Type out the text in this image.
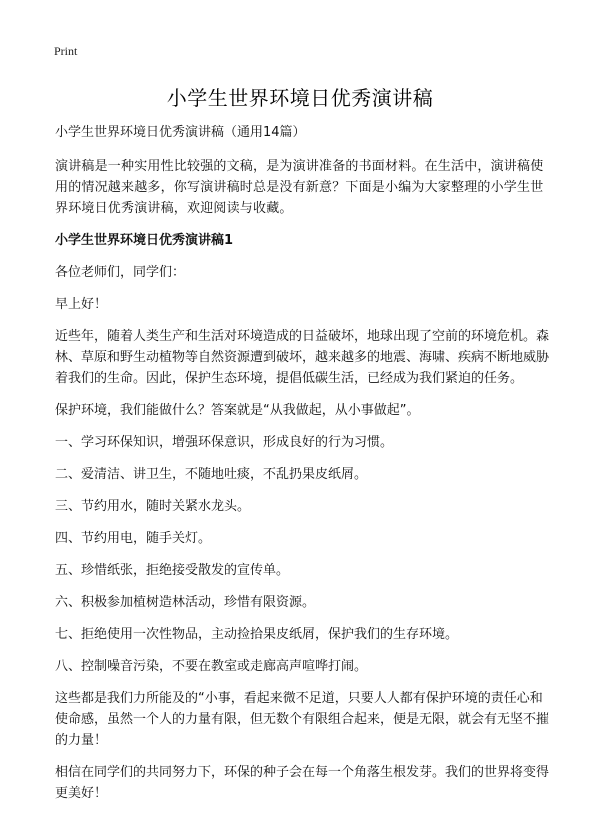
Print
小学生世界环境日优秀演讲稿

小学生世界环境日优秀演讲稿（通用14篇）

演讲稿是一种实用性比较强的文稿，是为演讲准备的书面材料。在生活中，演讲稿使用的情况越来越多，你写演讲稿时总是没有新意？下面是小编为大家整理的小学生世界环境日优秀演讲稿，欢迎阅读与收藏。

小学生世界环境日优秀演讲稿1

各位老师们，同学们：

早上好！

近些年，随着人类生产和生活对环境造成的日益破坏，地球出现了空前的环境危机。森林、草原和野生动植物等自然资源遭到破坏，越来越多的地震、海啸、疾病不断地威胁着我们的生命。因此，保护生态环境，提倡低碳生活，已经成为我们紧迫的任务。

保护环境，我们能做什么？答案就是“从我做起，从小事做起”。

一、学习环保知识，增强环保意识，形成良好的行为习惯。

二、爱清洁、讲卫生，不随地吐痰，不乱扔果皮纸屑。

三、节约用水，随时关紧水龙头。

四、节约用电，随手关灯。

五、珍惜纸张，拒绝接受散发的宣传单。

六、积极参加植树造林活动，珍惜有限资源。

七、拒绝使用一次性物品，主动捡拾果皮纸屑，保护我们的生存环境。

八、控制噪音污染，不要在教室或走廊高声喧哗打闹。

这些都是我们力所能及的“小事，看起来微不足道，只要人人都有保护环境的责任心和使命感，虽然一个人的力量有限，但无数个有限组合起来，便是无限，就会有无坚不摧的力量！

相信在同学们的共同努力下，环保的种子会在每一个角落生根发芽。我们的世界将变得更美好！
